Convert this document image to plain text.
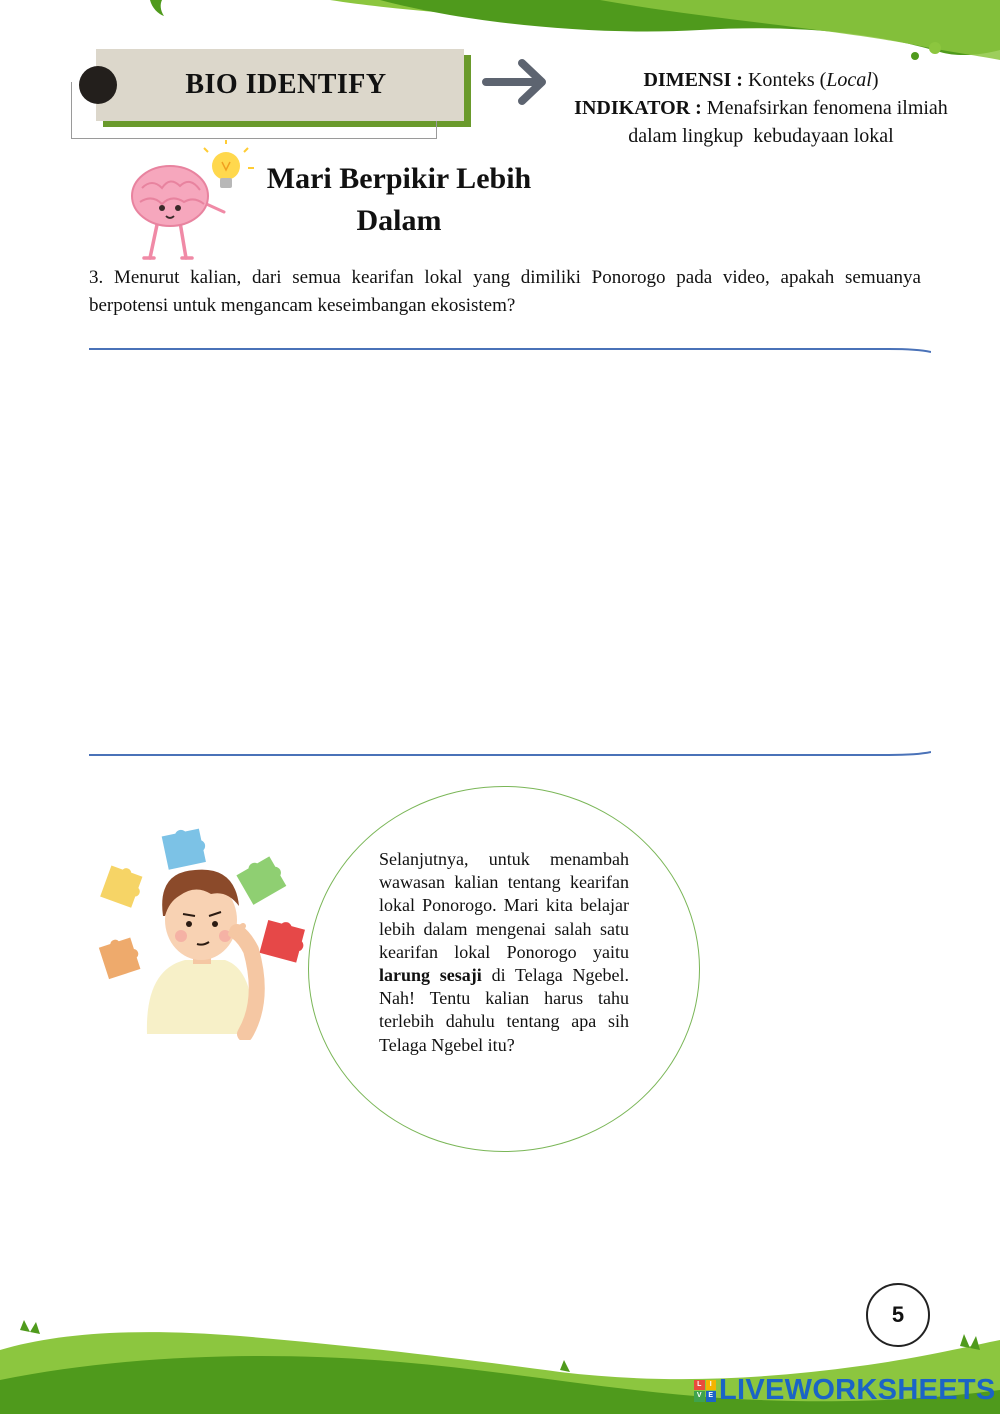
BIO IDENTIFY	DIMENSI : Konteks (Local)
INDIKATOR : Menafsirkan fenomena ilmiah
dalam lingkup  kebudayaan lokal
Mari Berpikir Lebih
Dalam
3. Menurut kalian, dari semua kearifan lokal yang dimiliki Ponorogo pada video, apakah semuanya berpotensi untuk mengancam keseimbangan ekosistem?
Selanjutnya, untuk menambah wawasan kalian tentang kearifan lokal Ponorogo. Mari kita belajar lebih dalam mengenai salah satu kearifan lokal Ponorogo yaitu larung sesaji di Telaga Ngebel. Nah! Tentu kalian harus tahu terlebih dahulu tentang apa sih Telaga Ngebel itu?
5
L	I
V E LIVEWORKSHEETS
